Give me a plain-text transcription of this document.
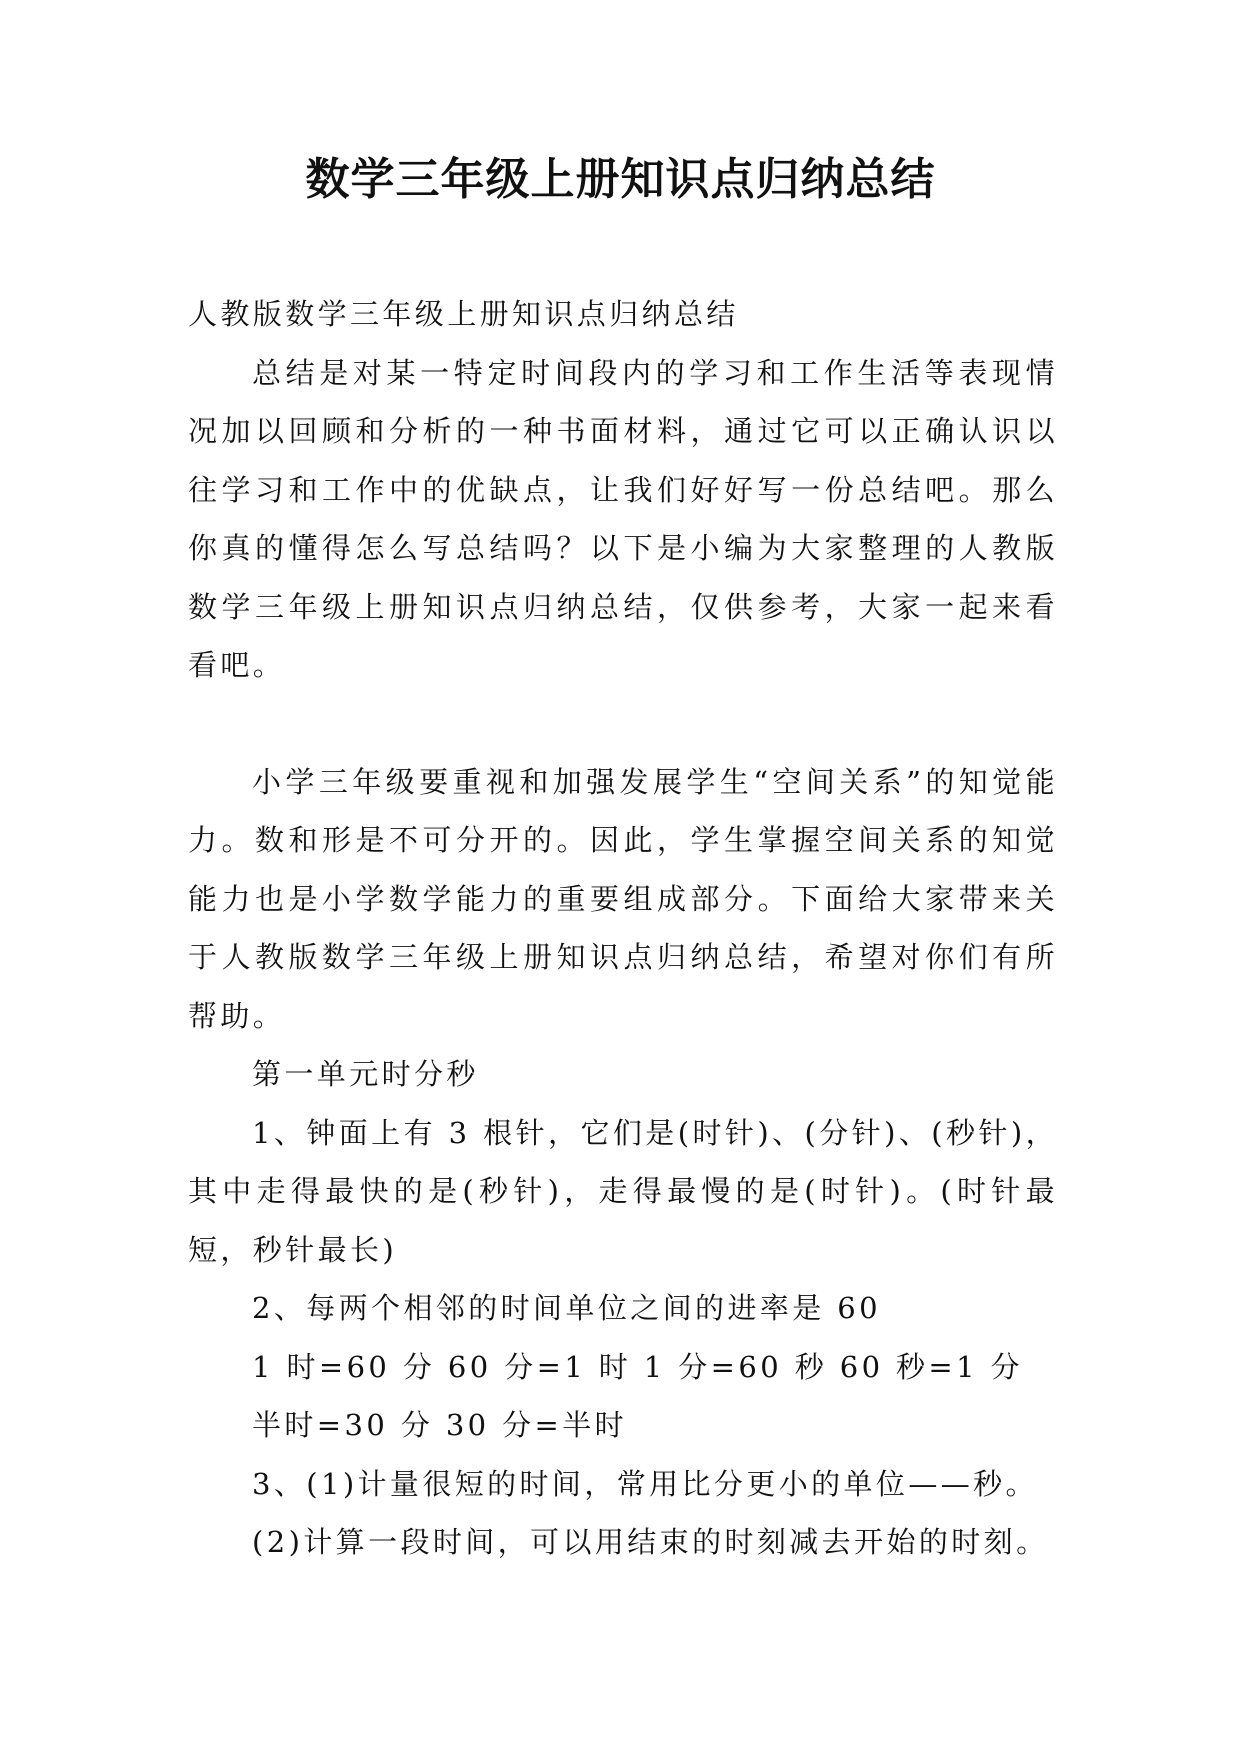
数学三年级上册知识点归纳总结

人教版数学三年级上册知识点归纳总结

总结是对某一特定时间段内的学习和工作生活等表现情况加以回顾和分析的一种书面材料，通过它可以正确认识以往学习和工作中的优缺点，让我们好好写一份总结吧。那么你真的懂得怎么写总结吗？以下是小编为大家整理的人教版数学三年级上册知识点归纳总结，仅供参考，大家一起来看看吧。

小学三年级要重视和加强发展学生“空间关系”的知觉能力。数和形是不可分开的。因此，学生掌握空间关系的知觉能力也是小学数学能力的重要组成部分。下面给大家带来关于人教版数学三年级上册知识点归纳总结，希望对你们有所帮助。

第一单元时分秒

1、钟面上有 3 根针，它们是(时针)、(分针)、(秒针)，其中走得最快的是(秒针)，走得最慢的是(时针)。(时针最短，秒针最长)

2、每两个相邻的时间单位之间的进率是 60

1 时=60 分 60 分=1 时 1 分=60 秒 60 秒=1 分

半时=30 分 30 分=半时

3、(1)计量很短的时间，常用比分更小的单位——秒。

(2)计算一段时间，可以用结束的时刻减去开始的时刻。
